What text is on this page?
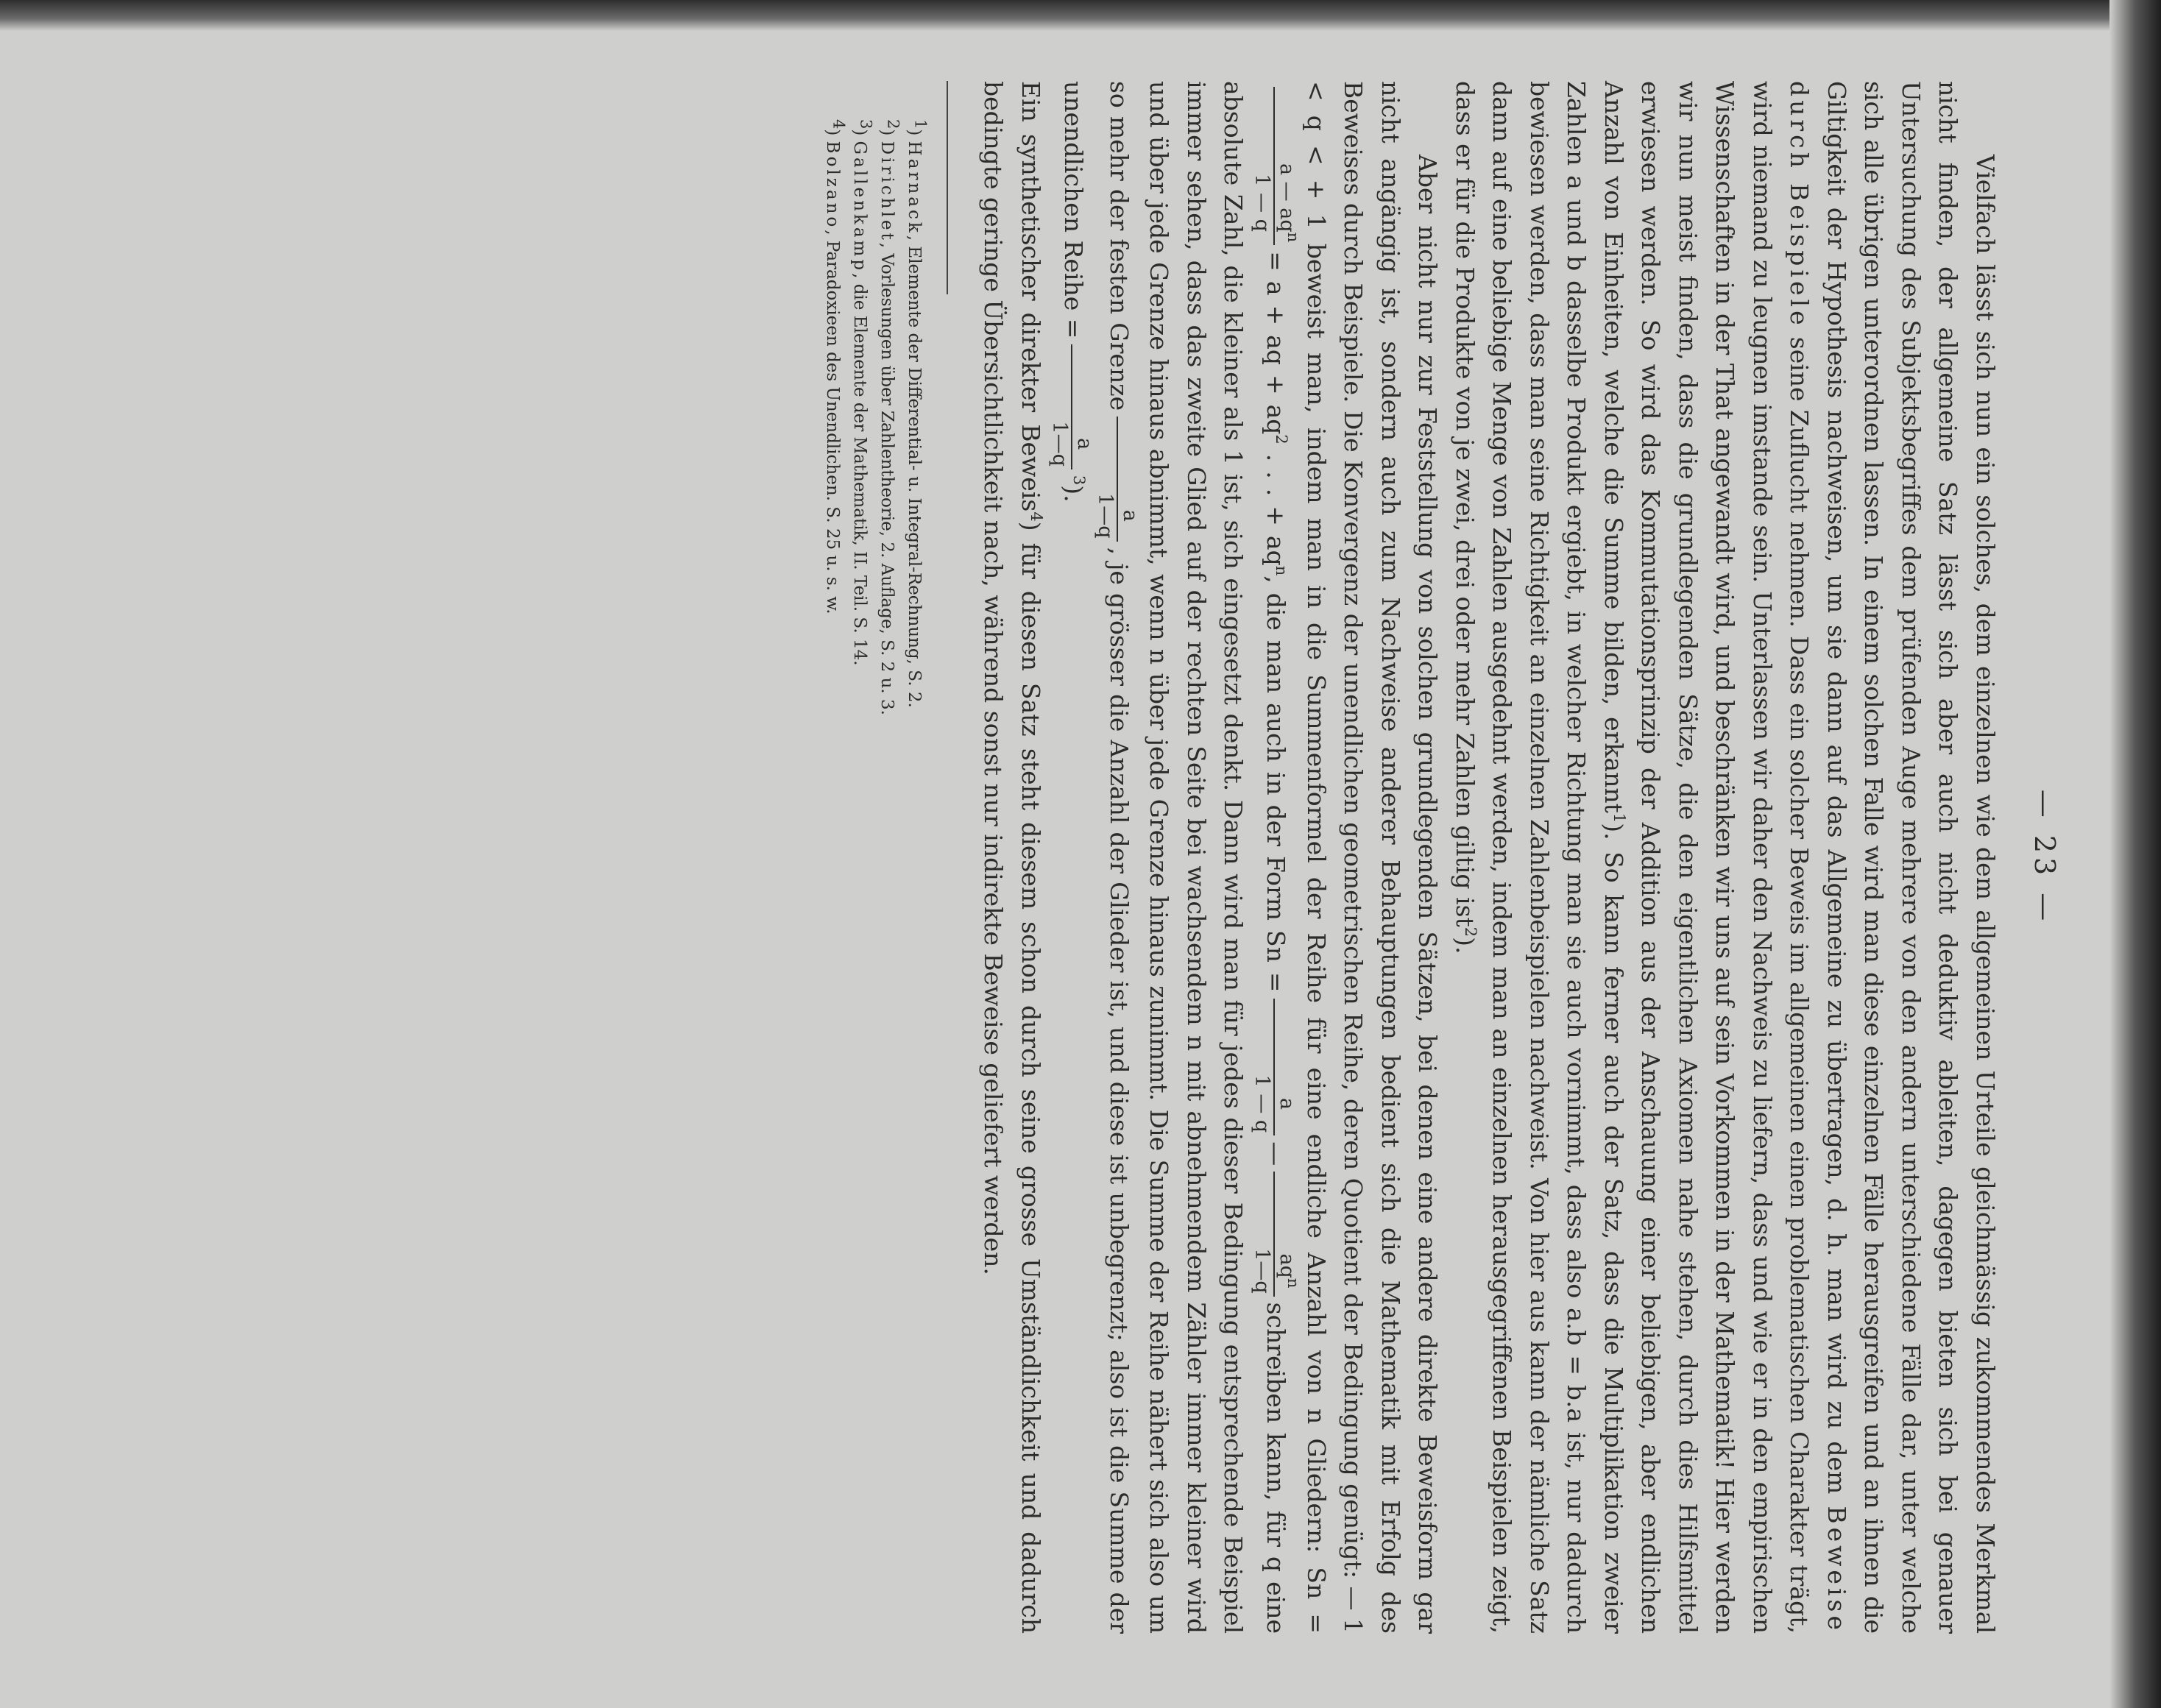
— 23 —

Vielfach lässt sich nun ein solches, dem einzelnen wie dem allgemeinen Urteile gleichmässig zukommendes Merkmal nicht finden, der allgemeine Satz lässt sich aber auch nicht deduktiv ableiten, dagegen bieten sich bei genauer Untersuchung des Subjektsbegriffes dem prüfenden Auge mehrere von den andern unterschiedene Fälle dar, unter welche sich alle übrigen unterordnen lassen. In einem solchen Falle wird man diese einzelnen Fälle herausgreifen und an ihnen die Giltigkeit der Hypothesis nachweisen, um sie dann auf das Allgemeine zu übertragen, d. h. man wird zu dem Beweise durch Beispiele seine Zuflucht nehmen. Dass ein solcher Beweis im allgemeinen einen problematischen Charakter trägt, wird niemand zu leugnen imstande sein. Unterlassen wir daher den Nachweis zu liefern, dass und wie er in den empirischen Wissenschaften in der That angewandt wird, und beschränken wir uns auf sein Vorkommen in der Mathematik! Hier werden wir nun meist finden, dass die grundlegenden Sätze, die den eigentlichen Axiomen nahe stehen, durch dies Hilfsmittel erwiesen werden. So wird das Kommutationsprinzip der Addition aus der Anschauung einer beliebigen, aber endlichen Anzahl von Einheiten, welche die Summe bilden, erkannt$^1$). So kann ferner auch der Satz, dass die Multiplikation zweier Zahlen a und b dasselbe Produkt ergiebt, in welcher Richtung man sie auch vornimmt, dass also a.b = b.a ist, nur dadurch bewiesen werden, dass man seine Richtigkeit an einzelnen Zahlenbeispielen nachweist. Von hier aus kann der nämliche Satz dann auf eine beliebige Menge von Zahlen ausgedehnt werden, indem man an einzelnen herausgegriffenen Beispielen zeigt, dass er für die Produkte von je zwei, drei oder mehr Zahlen giltig ist$^2$).

Aber nicht nur zur Feststellung von solchen grundlegenden Sätzen, bei denen eine andere direkte Beweisform gar nicht angängig ist, sondern auch zum Nachweise anderer Behauptungen bedient sich die Mathematik mit Erfolg des Beweises durch Beispiele. Die Konvergenz der unendlichen geometrischen Reihe, deren Quotient der Bedingung genügt: — 1 < q < + 1 beweist man, indem man in die Summenformel der Reihe für eine endliche Anzahl von n Gliedern: Sn =
a — $aq^n$
1 — q
= a + aq + $aq^2$ . . . + $aq^n$, die man auch in der Form Sn =
a
1 — q
—
$aq^n$
1—q
schreiben kann, für q eine absolute Zahl, die kleiner als 1 ist, sich eingesetzt denkt. Dann wird man für jedes dieser Bedingung entsprechende Beispiel immer sehen, dass das zweite Glied auf der rechten Seite bei wachsendem n mit abnehmendem Zähler immer kleiner wird und über jede Grenze hinaus abnimmt, wenn n über jede Grenze hinaus zunimmt. Die Summe der Reihe nähert sich also um so mehr der festen Grenze
a
1—q
, je grösser die Anzahl der Glieder ist, und diese ist unbegrenzt; also ist die Summe der unendlichen Reihe =
a
1—q
$^3$).

Ein synthetischer direkter Beweis$^4$) für diesen Satz steht diesem schon durch seine grosse Umständlichkeit und dadurch bedingte geringe Übersichtlichkeit nach, während sonst nur indirekte Beweise geliefert werden.

$^1$) Harnack, Elemente der Differential- u. Integral-Rechnung, S. 2.

$^2$) Dirichlet, Vorlesungen über Zahlentheorie, 2. Auflage, S. 2 u. 3.

$^3$) Gallenkamp, die Elemente der Mathematik, II. Teil. S. 14.

$^4$) Bolzano, Paradoxieen des Unendlichen. S. 25 u. s. w.
